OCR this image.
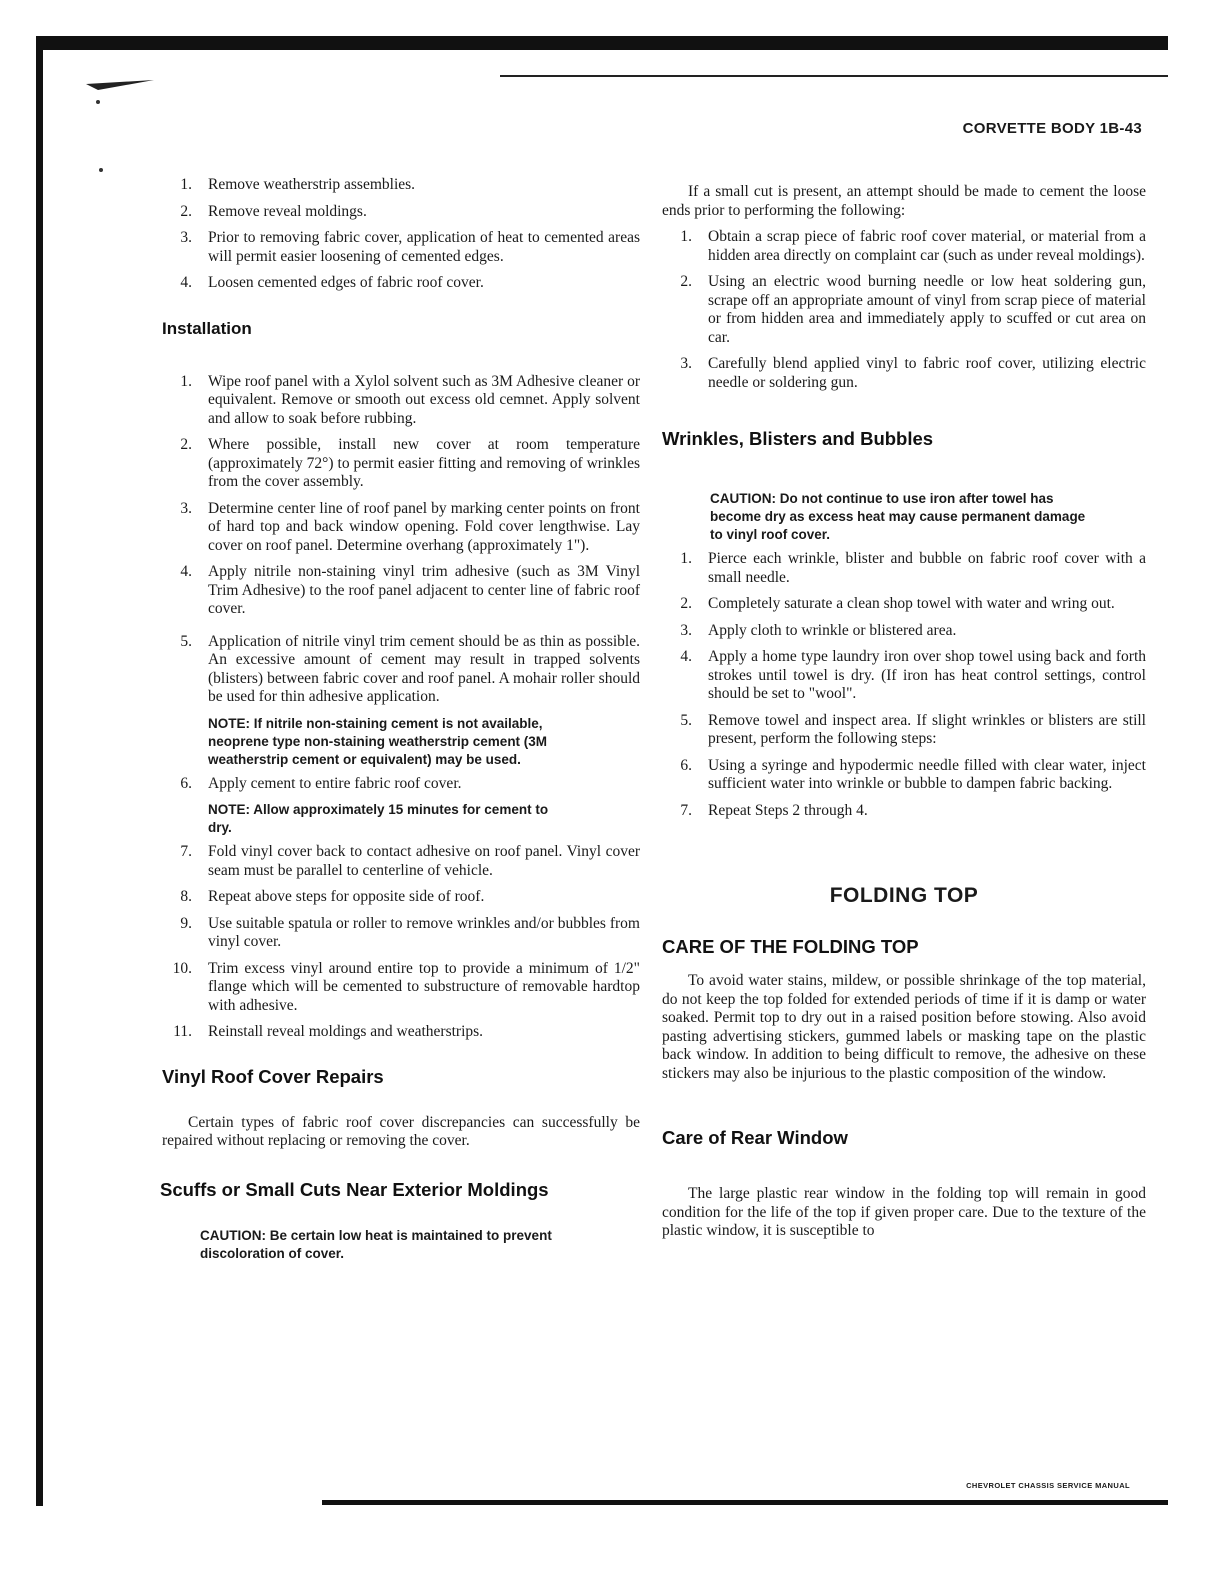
CORVETTE BODY 1B-43
1. Remove weatherstrip assemblies.
2. Remove reveal moldings.
3. Prior to removing fabric cover, application of heat to cemented areas will permit easier loosening of cemented edges.
4. Loosen cemented edges of fabric roof cover.
Installation
1. Wipe roof panel with a Xylol solvent such as 3M Adhesive cleaner or equivalent. Remove or smooth out excess old cemnet. Apply solvent and allow to soak before rubbing.
2. Where possible, install new cover at room temperature (approximately 72°) to permit easier fitting and removing of wrinkles from the cover assembly.
3. Determine center line of roof panel by marking center points on front of hard top and back window opening. Fold cover lengthwise. Lay cover on roof panel. Determine overhang (approximately 1").
4. Apply nitrile non-staining vinyl trim adhesive (such as 3M Vinyl Trim Adhesive) to the roof panel adjacent to center line of fabric roof cover.
5. Application of nitrile vinyl trim cement should be as thin as possible. An excessive amount of cement may result in trapped solvents (blisters) between fabric cover and roof panel. A mohair roller should be used for thin adhesive application.
NOTE: If nitrile non-staining cement is not available, neoprene type non-staining weatherstrip cement (3M weatherstrip cement or equivalent) may be used.
6. Apply cement to entire fabric roof cover.
NOTE: Allow approximately 15 minutes for cement to dry.
7. Fold vinyl cover back to contact adhesive on roof panel. Vinyl cover seam must be parallel to centerline of vehicle.
8. Repeat above steps for opposite side of roof.
9. Use suitable spatula or roller to remove wrinkles and/or bubbles from vinyl cover.
10. Trim excess vinyl around entire top to provide a minimum of 1/2" flange which will be cemented to substructure of removable hardtop with adhesive.
11. Reinstall reveal moldings and weatherstrips.
Vinyl Roof Cover Repairs

Certain types of fabric roof cover discrepancies can successfully be repaired without replacing or removing the cover.

Scuffs or Small Cuts Near Exterior Moldings
CAUTION: Be certain low heat is maintained to prevent discoloration of cover.

If a small cut is present, an attempt should be made to cement the loose ends prior to performing the following:

1. Obtain a scrap piece of fabric roof cover material, or material from a hidden area directly on complaint car (such as under reveal moldings).
2. Using an electric wood burning needle or low heat soldering gun, scrape off an appropriate amount of vinyl from scrap piece of material or from hidden area and immediately apply to scuffed or cut area on car.
3. Carefully blend applied vinyl to fabric roof cover, utilizing electric needle or soldering gun.
Wrinkles, Blisters and Bubbles
CAUTION: Do not continue to use iron after towel has become dry as excess heat may cause permanent damage to vinyl roof cover.
1. Pierce each wrinkle, blister and bubble on fabric roof cover with a small needle.
2. Completely saturate a clean shop towel with water and wring out.
3. Apply cloth to wrinkle or blistered area.
4. Apply a home type laundry iron over shop towel using back and forth strokes until towel is dry. (If iron has heat control settings, control should be set to "wool".
5. Remove towel and inspect area. If slight wrinkles or blisters are still present, perform the following steps:
6. Using a syringe and hypodermic needle filled with clear water, inject sufficient water into wrinkle or bubble to dampen fabric backing.
7. Repeat Steps 2 through 4.
FOLDING TOP
CARE OF THE FOLDING TOP

To avoid water stains, mildew, or possible shrinkage of the top material, do not keep the top folded for extended periods of time if it is damp or water soaked. Permit top to dry out in a raised position before stowing. Also avoid pasting advertising stickers, gummed labels or masking tape on the plastic back window. In addition to being difficult to remove, the adhesive on these stickers may also be injurious to the plastic composition of the window.

Care of Rear Window

The large plastic rear window in the folding top will remain in good condition for the life of the top if given proper care. Due to the texture of the plastic window, it is susceptible to

CHEVROLET CHASSIS SERVICE MANUAL
